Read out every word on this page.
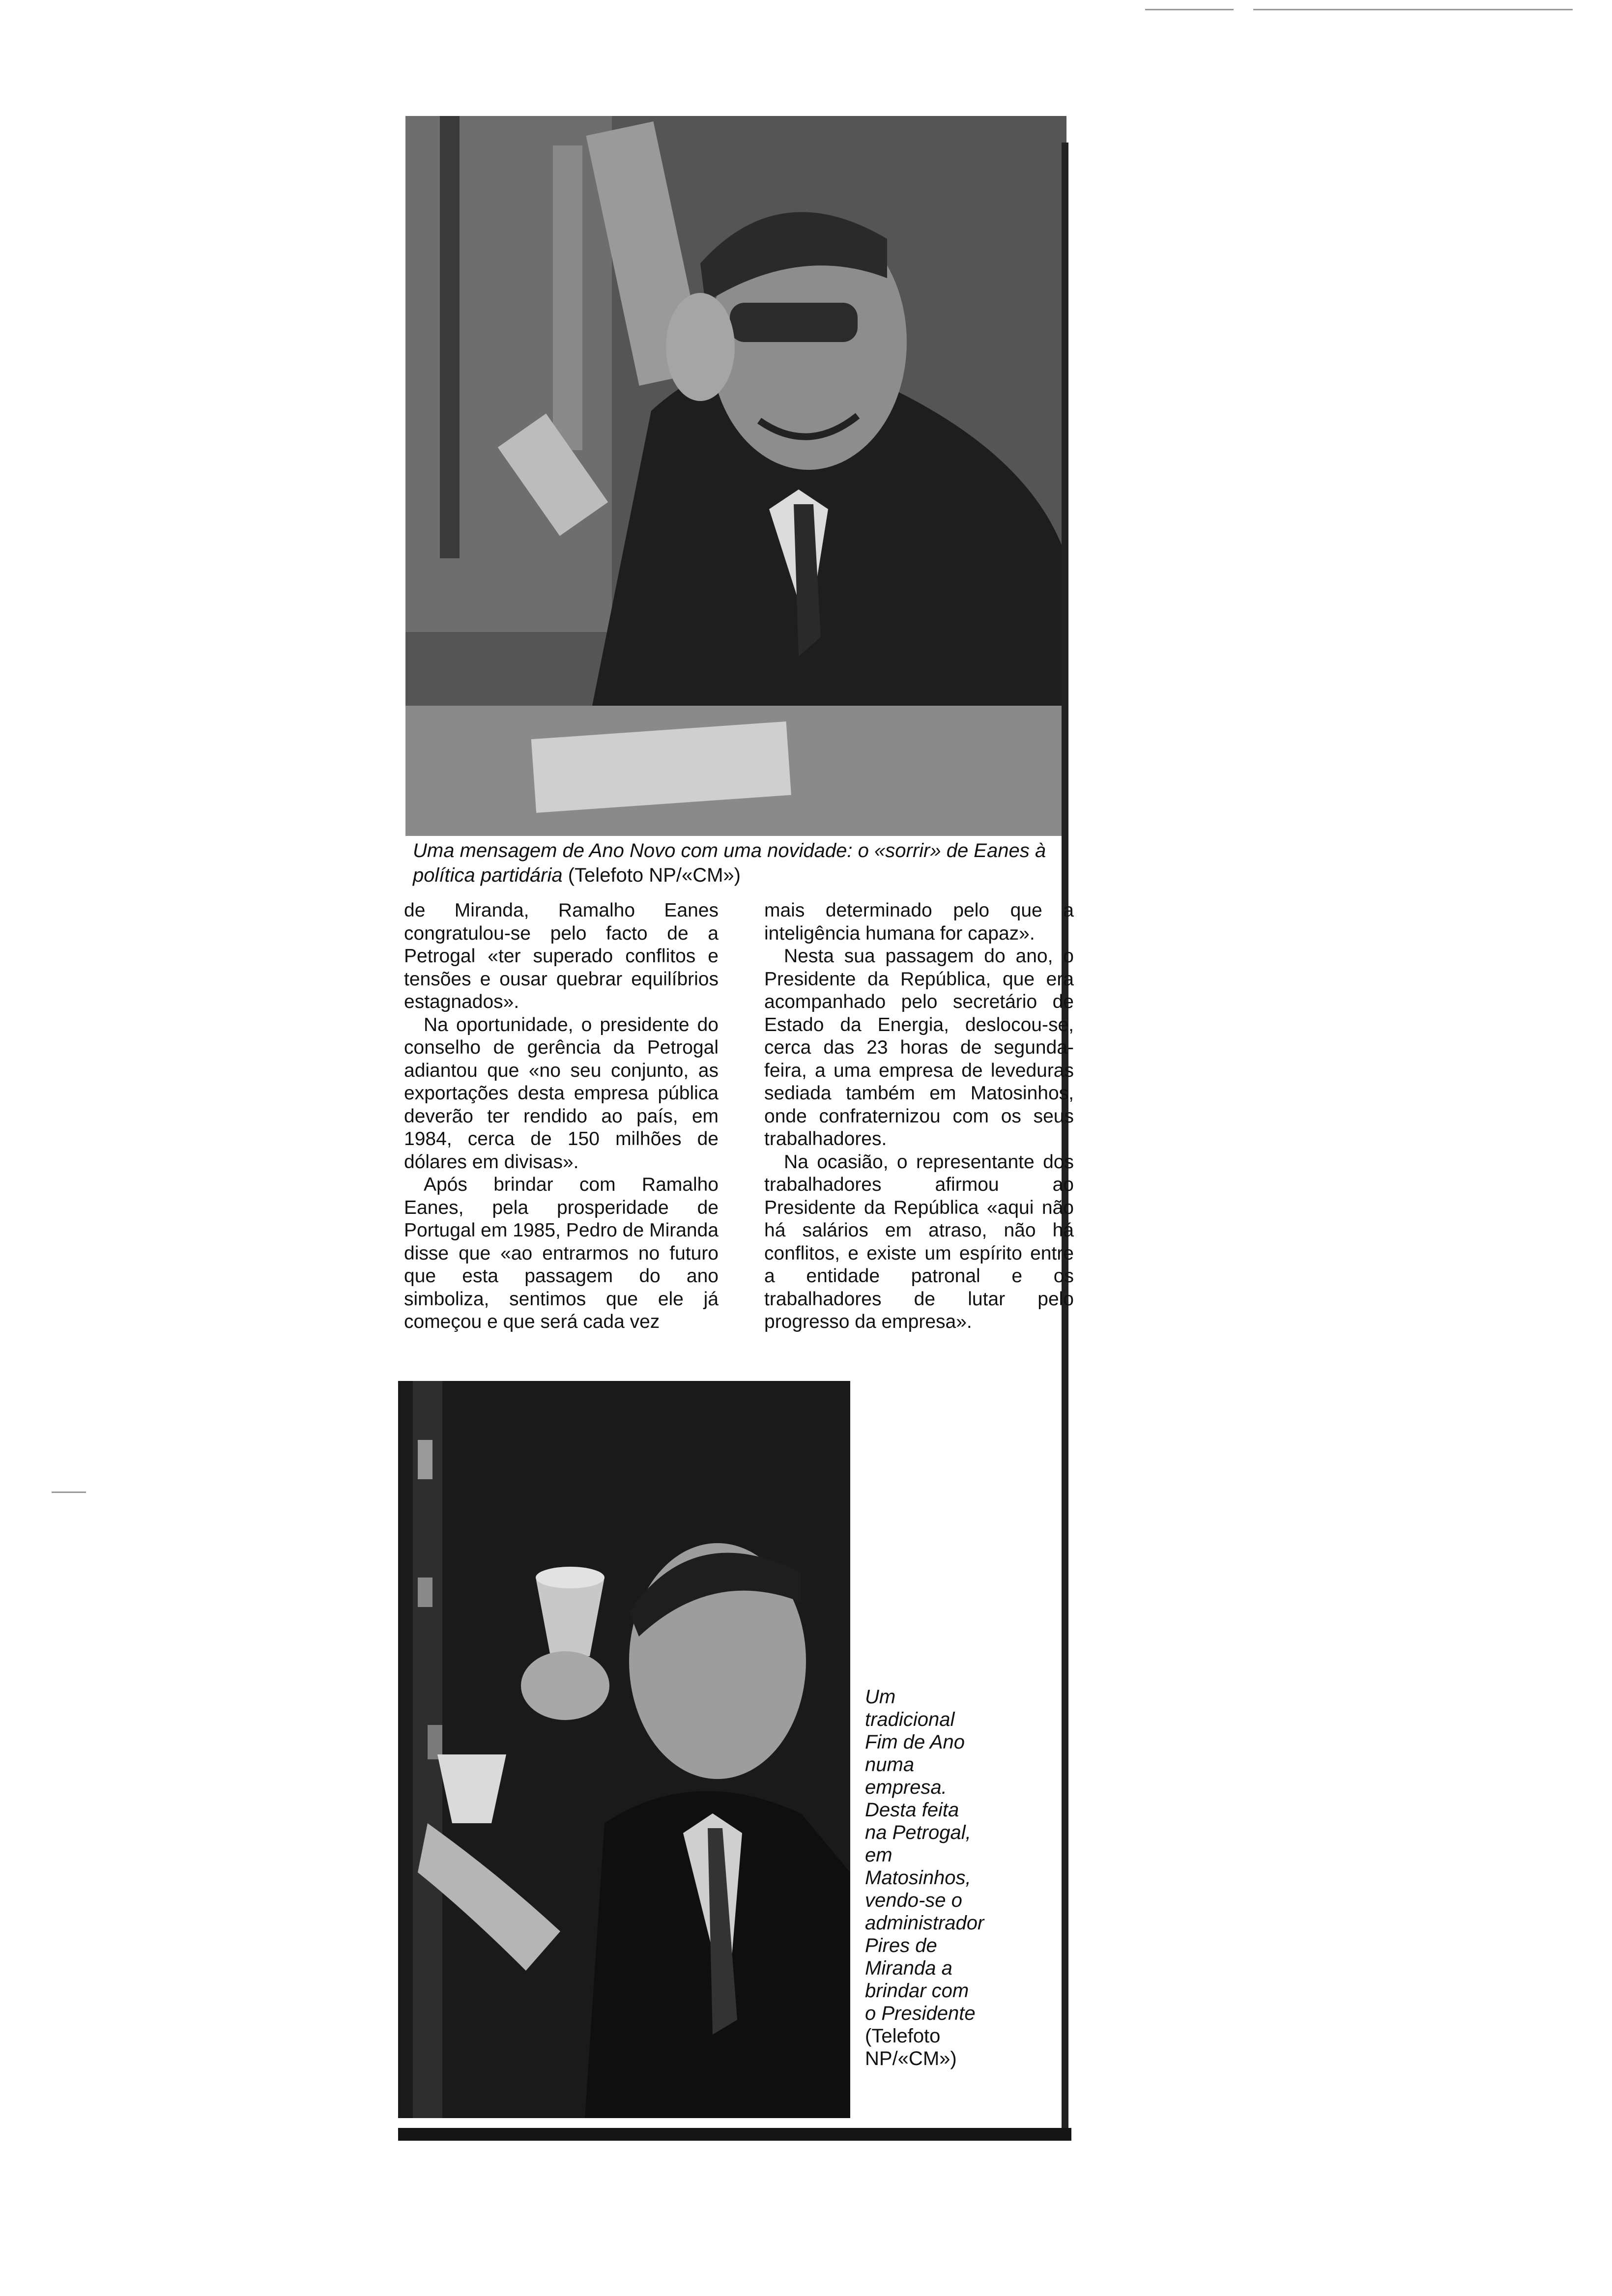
Uma mensagem de Ano Novo com uma novidade: o «sorrir» de Eanes à política partidária (Telefoto NP/«CM»)

de Miranda, Ramalho Eanes congratulou-se pelo facto de a Petrogal «ter superado conflitos e tensões e ousar quebrar equilíbrios estagnados».

Na oportunidade, o presidente do conselho de gerência da Petrogal adiantou que «no seu conjunto, as exportações desta empresa pública deverão ter rendido ao país, em 1984, cerca de 150 milhões de dólares em divisas».

Após brindar com Ramalho Eanes, pela prosperidade de Portugal em 1985, Pedro de Miranda disse que «ao entrarmos no futuro que esta passagem do ano simboliza, sentimos que ele já começou e que será cada vez

mais determinado pelo que a inteligência humana for capaz».

Nesta sua passagem do ano, o Presidente da República, que era acompanhado pelo secretário de Estado da Energia, deslocou-se, cerca das 23 horas de segunda-feira, a uma empresa de leveduras sediada também em Matosinhos, onde confraternizou com os seus trabalhadores.

Na ocasião, o representante dos trabalhadores afirmou ao Presidente da República «aqui não há salários em atraso, não há conflitos, e existe um espírito entre a entidade patronal e os trabalhadores de lutar pelo progresso da empresa».

Um tradicional Fim de Ano numa empresa. Desta feita na Petrogal, em Matosinhos, vendo-se o administrador Pires de Miranda a brindar com o Presidente (Telefoto NP/«CM»)
